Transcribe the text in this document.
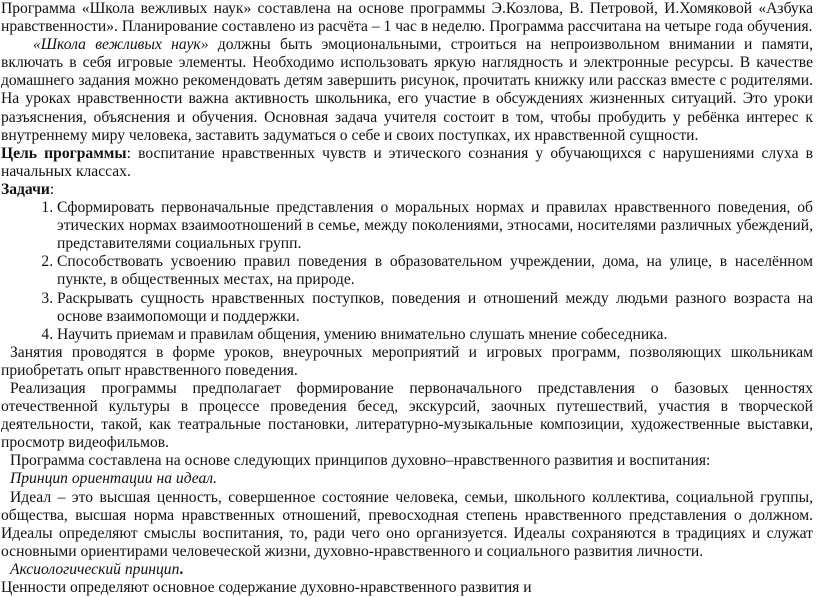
Программа «Школа вежливых наук» составлена на основе программы Э.Козлова, В. Петровой, И.Хомяковой «Азбука нравственности». Планирование составлено из расчёта – 1 час в неделю. Программа рассчитана на четыре года обучения.

«Школа вежливых наук» должны быть эмоциональными, строиться на непроизвольном внимании и памяти, включать в себя игровые элементы. Необходимо использовать яркую наглядность и электронные ресурсы. В качестве домашнего задания можно рекомендовать детям завершить рисунок, прочитать книжку или рассказ вместе с родителями. На уроках нравственности важна активность школьника, его участие в обсуждениях жизненных ситуаций. Это уроки разъяснения, объяснения и обучения. Основная задача учителя состоит в том, чтобы пробудить у ребёнка интерес к внутреннему миру человека, заставить задуматься о себе и своих поступках, их нравственной сущности.

Цель программы: воспитание нравственных чувств и этического сознания у обучающихся с нарушениями слуха в начальных классах.

Задачи:

1. Сформировать первоначальные представления о моральных нормах и правилах нравственного поведения, об этических нормах взаимоотношений в семье, между поколениями, этносами, носителями различных убеждений, представителями социальных групп.
2. Способствовать усвоению правил поведения в образовательном учреждении, дома, на улице, в населённом пункте, в общественных местах, на природе.
3. Раскрывать сущность нравственных поступков, поведения и отношений между людьми разного возраста на основе взаимопомощи и поддержки.
4. Научить приемам и правилам общения, умению внимательно слушать мнение собеседника.

Занятия проводятся в форме уроков, внеурочных мероприятий и игровых программ, позволяющих школьникам приобретать опыт нравственного поведения.

Реализация программы предполагает формирование первоначального представления о базовых ценностях отечественной культуры в процессе проведения бесед, экскурсий, заочных путешествий, участия в творческой деятельности, такой, как театральные постановки, литературно-музыкальные композиции, художественные выставки, просмотр видеофильмов.

Программа составлена на основе следующих принципов духовно–нравственного развития и воспитания:

Принцип ориентации на идеал.

Идеал – это высшая ценность, совершенное состояние человека, семьи, школьного коллектива, социальной группы, общества, высшая норма нравственных отношений, превосходная степень нравственного представления о должном. Идеалы определяют смыслы воспитания, то, ради чего оно организуется. Идеалы сохраняются в традициях и служат основными ориентирами человеческой жизни, духовно-нравственного и социального развития личности.

Аксиологический принцип.

Ценности определяют основное содержание духовно-нравственного развития и
